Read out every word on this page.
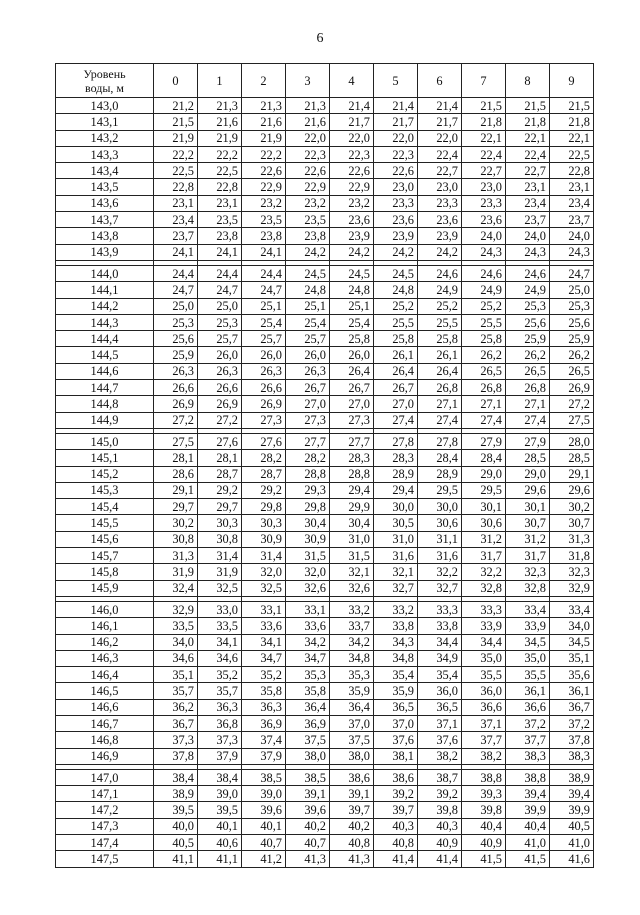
6
Уровень
воды, м	0	1	2	3	4	5	6	7	8	9
143,0	21,2	21,3	21,3	21,3	21,4	21,4	21,4	21,5	21,5	21,5
143,1	21,5	21,6	21,6	21,6	21,7	21,7	21,7	21,8	21,8	21,8
143,2	21,9	21,9	21,9	22,0	22,0	22,0	22,0	22,1	22,1	22,1
143,3	22,2	22,2	22,2	22,3	22,3	22,3	22,4	22,4	22,4	22,5
143,4	22,5	22,5	22,6	22,6	22,6	22,6	22,7	22,7	22,7	22,8
143,5	22,8	22,8	22,9	22,9	22,9	23,0	23,0	23,0	23,1	23,1
143,6	23,1	23,1	23,2	23,2	23,2	23,3	23,3	23,3	23,4	23,4
143,7	23,4	23,5	23,5	23,5	23,6	23,6	23,6	23,6	23,7	23,7
143,8	23,7	23,8	23,8	23,8	23,9	23,9	23,9	24,0	24,0	24,0
143,9	24,1	24,1	24,1	24,2	24,2	24,2	24,2	24,3	24,3	24,3

144,0	24,4	24,4	24,4	24,5	24,5	24,5	24,6	24,6	24,6	24,7
144,1	24,7	24,7	24,7	24,8	24,8	24,8	24,9	24,9	24,9	25,0
144,2	25,0	25,0	25,1	25,1	25,1	25,2	25,2	25,2	25,3	25,3
144,3	25,3	25,3	25,4	25,4	25,4	25,5	25,5	25,5	25,6	25,6
144,4	25,6	25,7	25,7	25,7	25,8	25,8	25,8	25,8	25,9	25,9
144,5	25,9	26,0	26,0	26,0	26,0	26,1	26,1	26,2	26,2	26,2
144,6	26,3	26,3	26,3	26,3	26,4	26,4	26,4	26,5	26,5	26,5
144,7	26,6	26,6	26,6	26,7	26,7	26,7	26,8	26,8	26,8	26,9
144,8	26,9	26,9	26,9	27,0	27,0	27,0	27,1	27,1	27,1	27,2
144,9	27,2	27,2	27,3	27,3	27,3	27,4	27,4	27,4	27,4	27,5

145,0	27,5	27,6	27,6	27,7	27,7	27,8	27,8	27,9	27,9	28,0
145,1	28,1	28,1	28,2	28,2	28,3	28,3	28,4	28,4	28,5	28,5
145,2	28,6	28,7	28,7	28,8	28,8	28,9	28,9	29,0	29,0	29,1
145,3	29,1	29,2	29,2	29,3	29,4	29,4	29,5	29,5	29,6	29,6
145,4	29,7	29,7	29,8	29,8	29,9	30,0	30,0	30,1	30,1	30,2
145,5	30,2	30,3	30,3	30,4	30,4	30,5	30,6	30,6	30,7	30,7
145,6	30,8	30,8	30,9	30,9	31,0	31,0	31,1	31,2	31,2	31,3
145,7	31,3	31,4	31,4	31,5	31,5	31,6	31,6	31,7	31,7	31,8
145,8	31,9	31,9	32,0	32,0	32,1	32,1	32,2	32,2	32,3	32,3
145,9	32,4	32,5	32,5	32,6	32,6	32,7	32,7	32,8	32,8	32,9

146,0	32,9	33,0	33,1	33,1	33,2	33,2	33,3	33,3	33,4	33,4
146,1	33,5	33,5	33,6	33,6	33,7	33,8	33,8	33,9	33,9	34,0
146,2	34,0	34,1	34,1	34,2	34,2	34,3	34,4	34,4	34,5	34,5
146,3	34,6	34,6	34,7	34,7	34,8	34,8	34,9	35,0	35,0	35,1
146,4	35,1	35,2	35,2	35,3	35,3	35,4	35,4	35,5	35,5	35,6
146,5	35,7	35,7	35,8	35,8	35,9	35,9	36,0	36,0	36,1	36,1
146,6	36,2	36,3	36,3	36,4	36,4	36,5	36,5	36,6	36,6	36,7
146,7	36,7	36,8	36,9	36,9	37,0	37,0	37,1	37,1	37,2	37,2
146,8	37,3	37,3	37,4	37,5	37,5	37,6	37,6	37,7	37,7	37,8
146,9	37,8	37,9	37,9	38,0	38,0	38,1	38,2	38,2	38,3	38,3

147,0	38,4	38,4	38,5	38,5	38,6	38,6	38,7	38,8	38,8	38,9
147,1	38,9	39,0	39,0	39,1	39,1	39,2	39,2	39,3	39,4	39,4
147,2	39,5	39,5	39,6	39,6	39,7	39,7	39,8	39,8	39,9	39,9
147,3	40,0	40,1	40,1	40,2	40,2	40,3	40,3	40,4	40,4	40,5
147,4	40,5	40,6	40,7	40,7	40,8	40,8	40,9	40,9	41,0	41,0
147,5	41,1	41,1	41,2	41,3	41,3	41,4	41,4	41,5	41,5	41,6
